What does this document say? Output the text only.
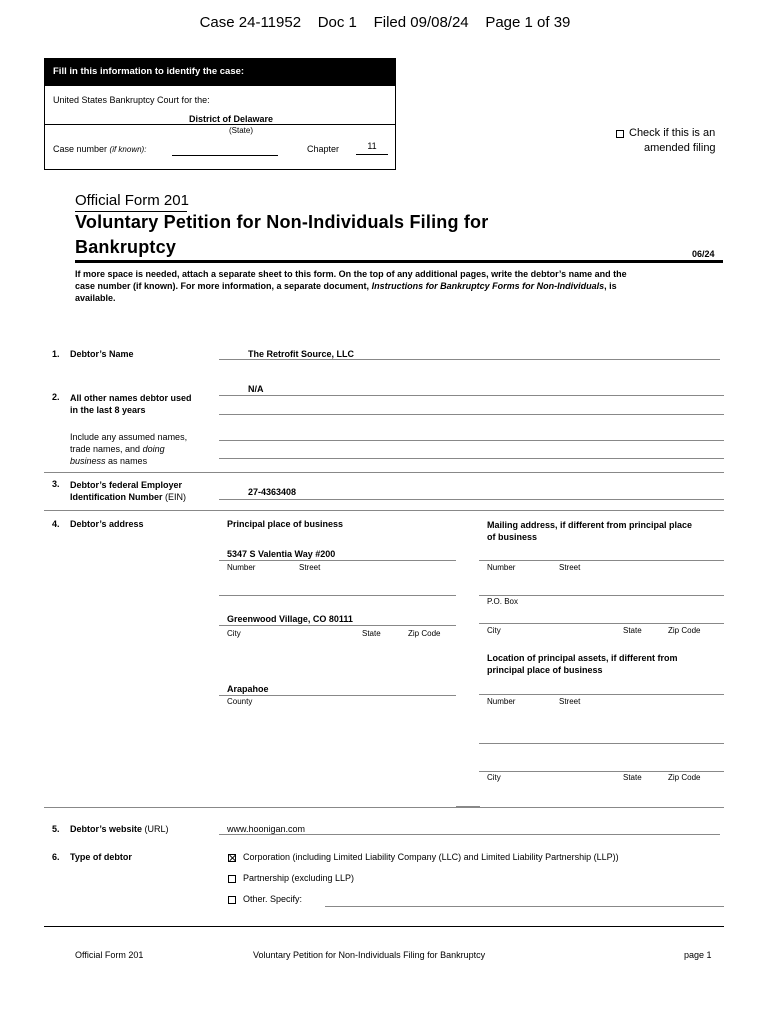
Case 24-11952 Doc 1 Filed 09/08/24 Page 1 of 39
Fill in this information to identify the case:
United States Bankruptcy Court for the:
District of Delaware
(State)
Case number (if known):	Chapter	11
Check if this is an
amended filing
Official Form 201
Voluntary Petition for Non-Individuals Filing for
Bankruptcy	06/24
If more space is needed, attach a separate sheet to this form. On the top of any additional pages, write the debtor’s name and the
case number (if known). For more information, a separate document, Instructions for Bankruptcy Forms for Non-Individuals, is
available.
1. Debtor’s Name	The Retrofit Source, LLC
2. All other names debtor used
in the last 8 years
Include any assumed names,
trade names, and doing
business as names
N/A
3. Debtor’s federal Employer
Identification Number (EIN)	27-4363408
4. Debtor’s address	Principal place of business	Mailing address, if different from principal place
of business
5347 S Valentia Way #200
Number	Street	Number	Street
P.O. Box
Greenwood Village, CO 80111
City	State	Zip Code	City	State	Zip Code
Location of principal assets, if different from
principal place of business
Arapahoe
County	Number	Street
City	State	Zip Code
5. Debtor’s website (URL)	www.hoonigan.com
6. Type of debtor	Corporation (including Limited Liability Company (LLC) and Limited Liability Partnership (LLP))
Partnership (excluding LLP)
Other. Specify:
Official Form 201	Voluntary Petition for Non-Individuals Filing for Bankruptcy	page 1
